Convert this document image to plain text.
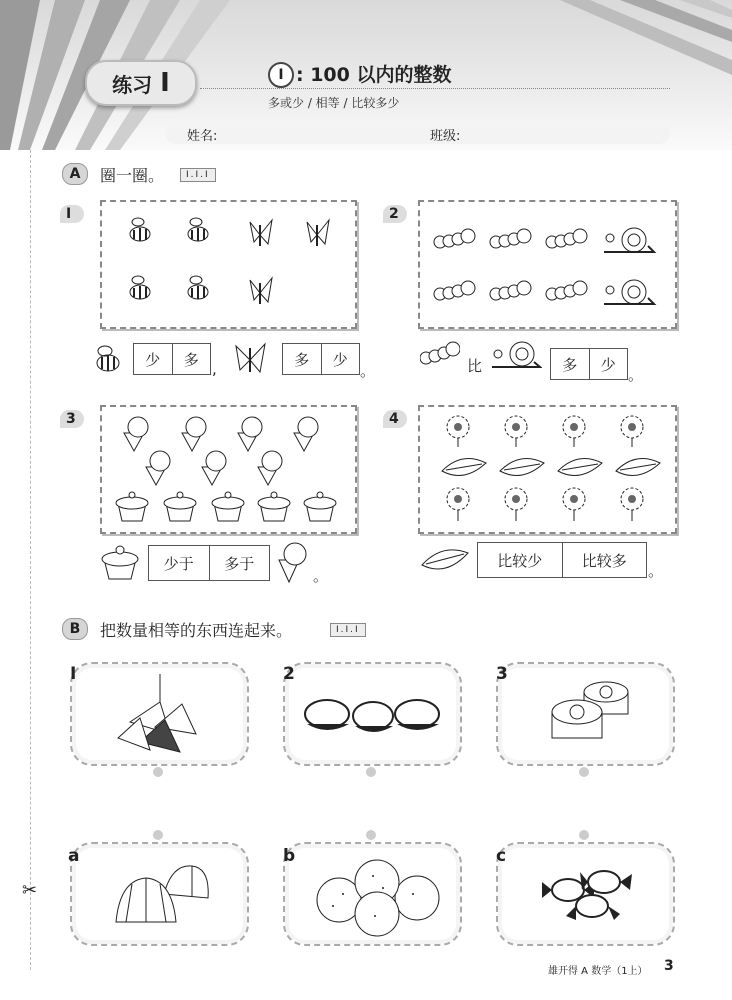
练习 I	I : 100 以内的整数
多或少 / 相等 / 比较多少
姓名:	班级:
✂
A	圈一圈。	I.I.I
I
少	多
,
多	少
。
2
比	多	少
。
3
少于	多于
。
4
比较少	比较多
。
B	把数量相等的东西连起来。	I.I.I
I	2	3
a	b	c
雄开得 A 数学（1上） 3
